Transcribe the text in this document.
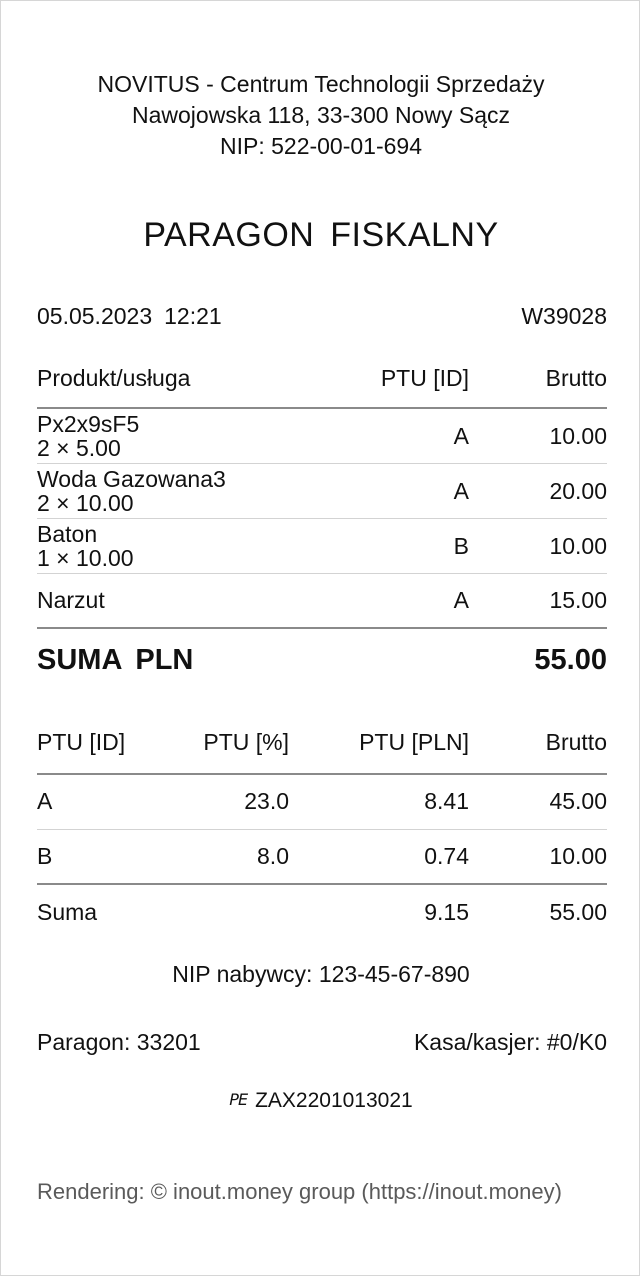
NOVITUS - Centrum Technologii Sprzedaży
Nawojowska 118, 33-300 Nowy Sącz
NIP: 522-00-01-694
PARAGON FISKALNY
05.05.2023 12:21	W39028
Produkt/usługa	PTU [ID]	Brutto

Px2x9sF5
2 × 5.00	A	10.00

Woda Gazowana3
2 × 10.00	A	20.00

Baton
1 × 10.00	B	10.00

Narzut	A	15.00
SUMA PLN	55.00
PTU [ID]	PTU [%]	PTU [PLN]	Brutto
A	23.0	8.41	45.00
B	8.0	0.74	10.00
Suma		9.15	55.00
NIP nabywcy: 123-45-67-890
Paragon: 33201	Kasa/kasjer: #0/K0
PE ZAX2201013021
Rendering: © inout.money group (https://inout.money)
